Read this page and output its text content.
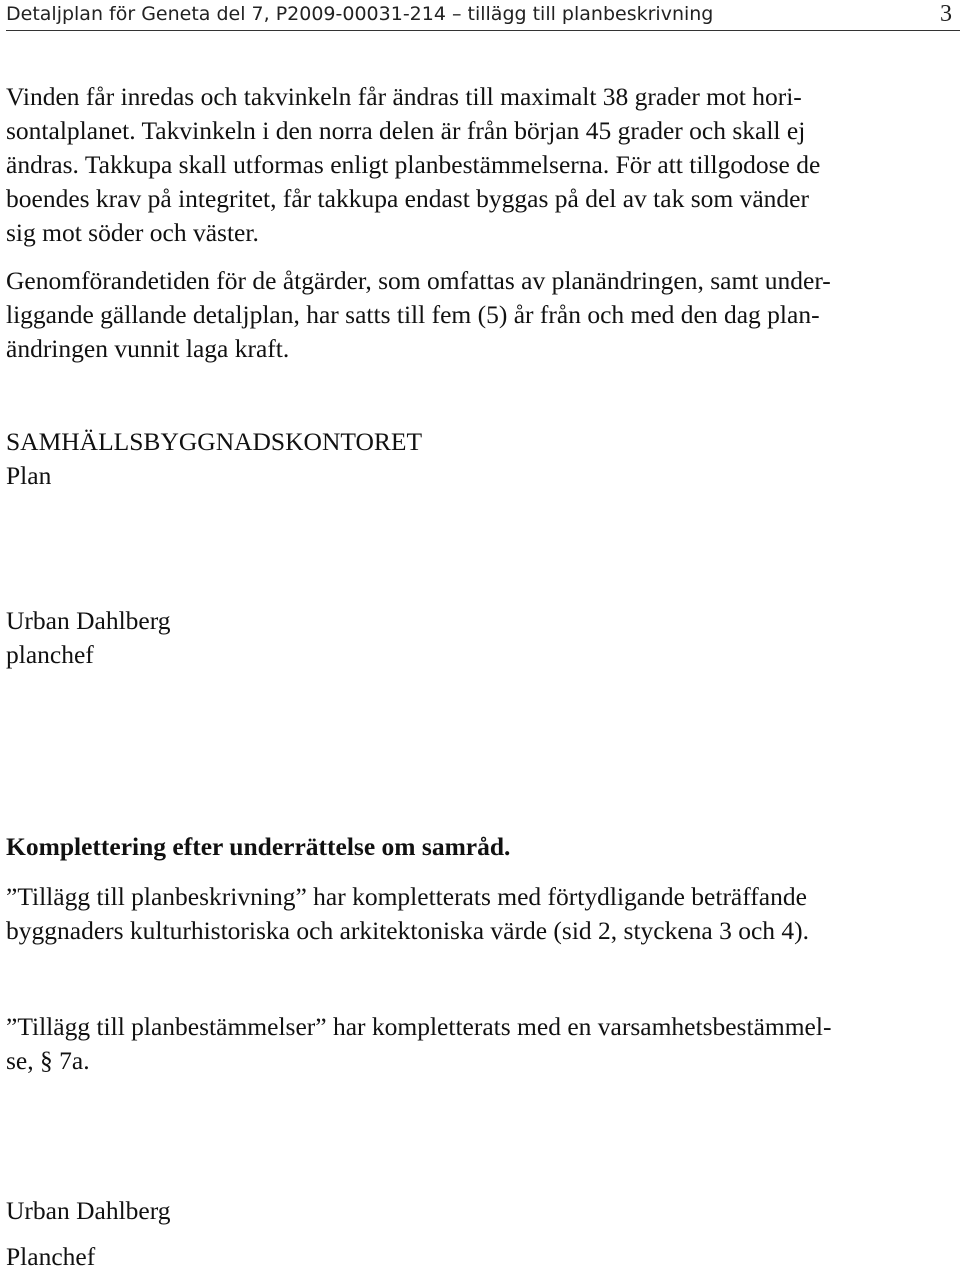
Detaljplan för Geneta del 7, P2009-00031-214 – tillägg till planbeskrivning	3
Vinden får inredas och takvinkeln får ändras till maximalt 38 grader mot hori-
sontalplanet. Takvinkeln i den norra delen är från början 45 grader och skall ej
ändras. Takkupa skall utformas enligt planbestämmelserna. För att tillgodose de
boendes krav på integritet, får takkupa endast byggas på del av tak som vänder
sig mot söder och väster.
Genomförandetiden för de åtgärder, som omfattas av planändringen, samt under-
liggande gällande detaljplan, har satts till fem (5) år från och med den dag plan-
ändringen vunnit laga kraft.
SAMHÄLLSBYGGNADSKONTORET
Plan
Urban Dahlberg
planchef
Komplettering efter underrättelse om samråd.
”Tillägg till planbeskrivning” har kompletterats med förtydligande beträffande
byggnaders kulturhistoriska och arkitektoniska värde (sid 2, styckena 3 och 4).
”Tillägg till planbestämmelser” har kompletterats med en varsamhetsbestämmel-
se, § 7a.
Urban Dahlberg
Planchef
